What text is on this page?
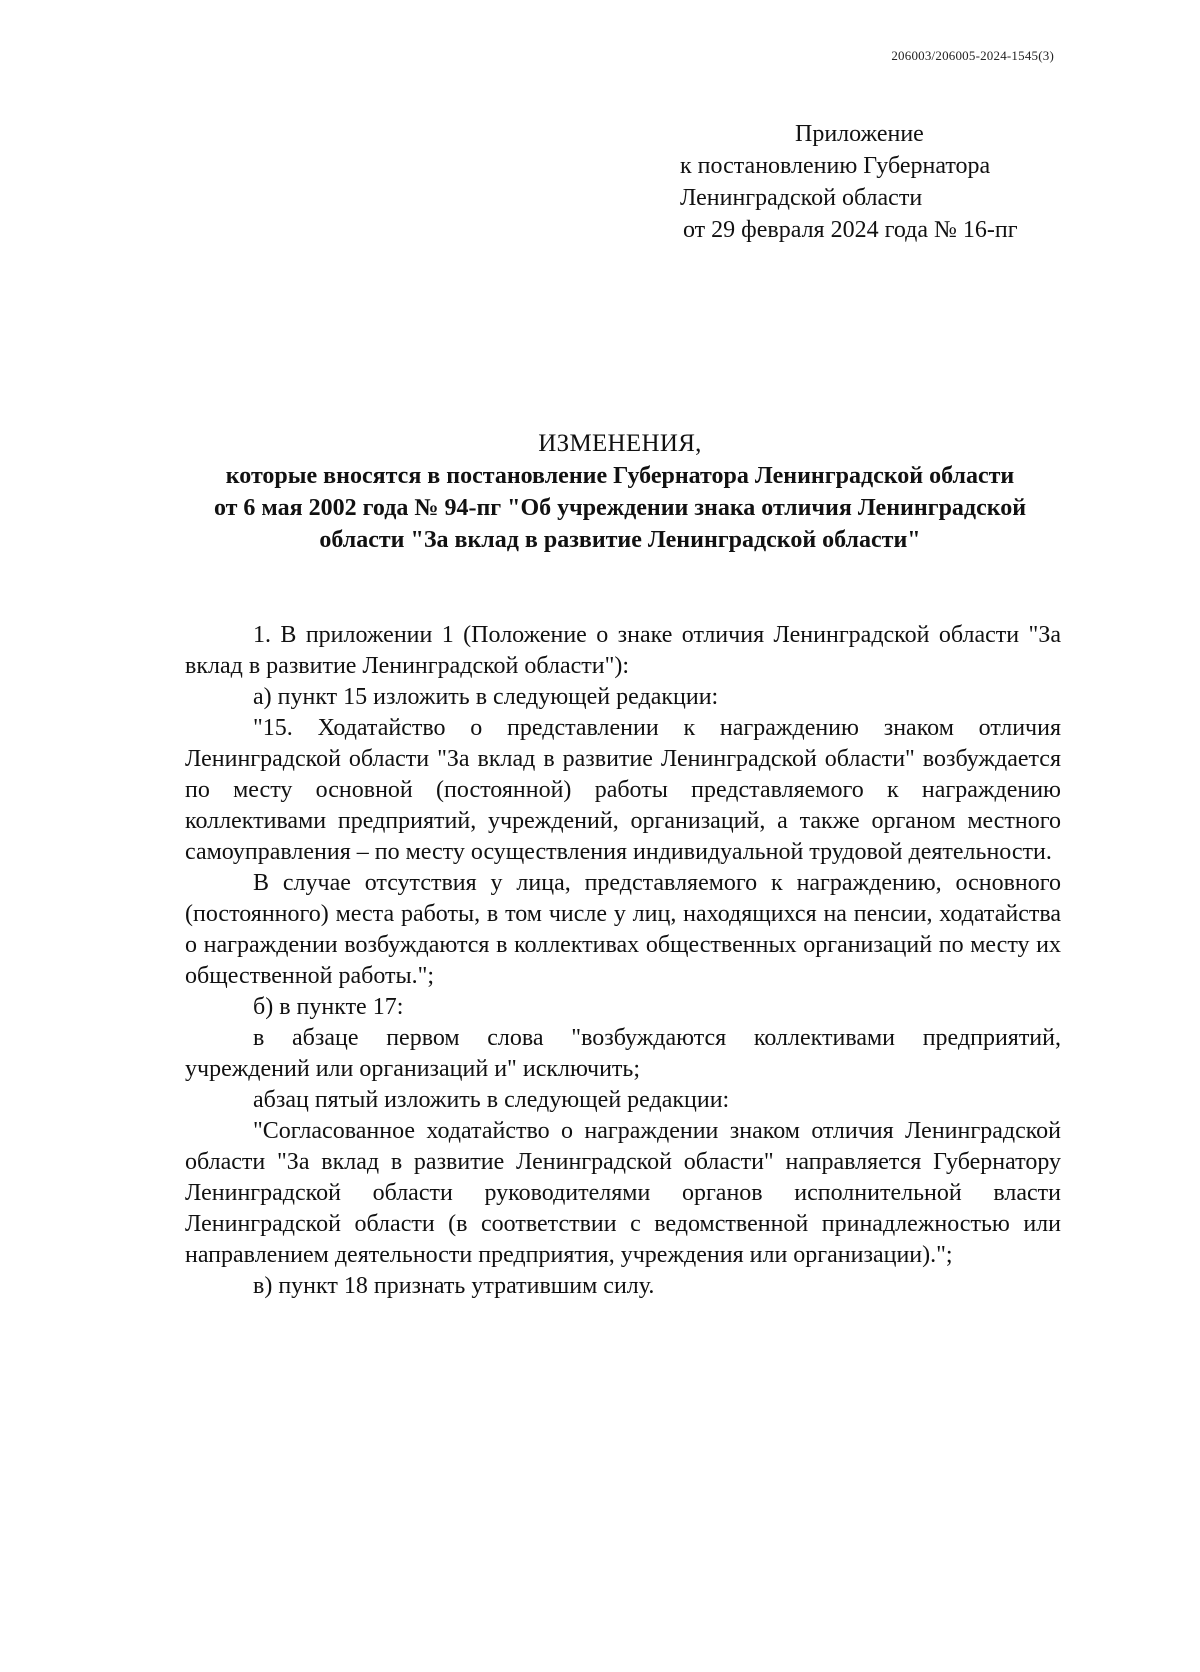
206003/206005-2024-1545(3)
Приложение
к постановлению Губернатора
Ленинградской области
от 29 февраля 2024 года № 16-пг
ИЗМЕНЕНИЯ,
которые вносятся в постановление Губернатора Ленинградской области
от 6 мая 2002 года № 94-пг "Об учреждении знака отличия Ленинградской
области "За вклад в развитие Ленинградской области"

1. В приложении 1 (Положение о знаке отличия Ленинградской области "За вклад в развитие Ленинградской области"):

а) пункт 15 изложить в следующей редакции:

"15. Ходатайство о представлении к награждению знаком отличия Ленинградской области "За вклад в развитие Ленинградской области" возбуждается по месту основной (постоянной) работы представляемого к награждению коллективами предприятий, учреждений, организаций, а также органом местного самоуправления – по месту осуществления индивидуальной трудовой деятельности.

В случае отсутствия у лица, представляемого к награждению, основного (постоянного) места работы, в том числе у лиц, находящихся на пенсии, ходатайства о награждении возбуждаются в коллективах общественных организаций по месту их общественной работы.";

б) в пункте 17:

в абзаце первом слова "возбуждаются коллективами предприятий, учреждений или организаций и" исключить;

абзац пятый изложить в следующей редакции:

"Согласованное ходатайство о награждении знаком отличия Ленинградской области "За вклад в развитие Ленинградской области" направляется Губернатору Ленинградской области руководителями органов исполнительной власти Ленинградской области (в соответствии с ведомственной принадлежностью или направлением деятельности предприятия, учреждения или организации).";

в) пункт 18 признать утратившим силу.
